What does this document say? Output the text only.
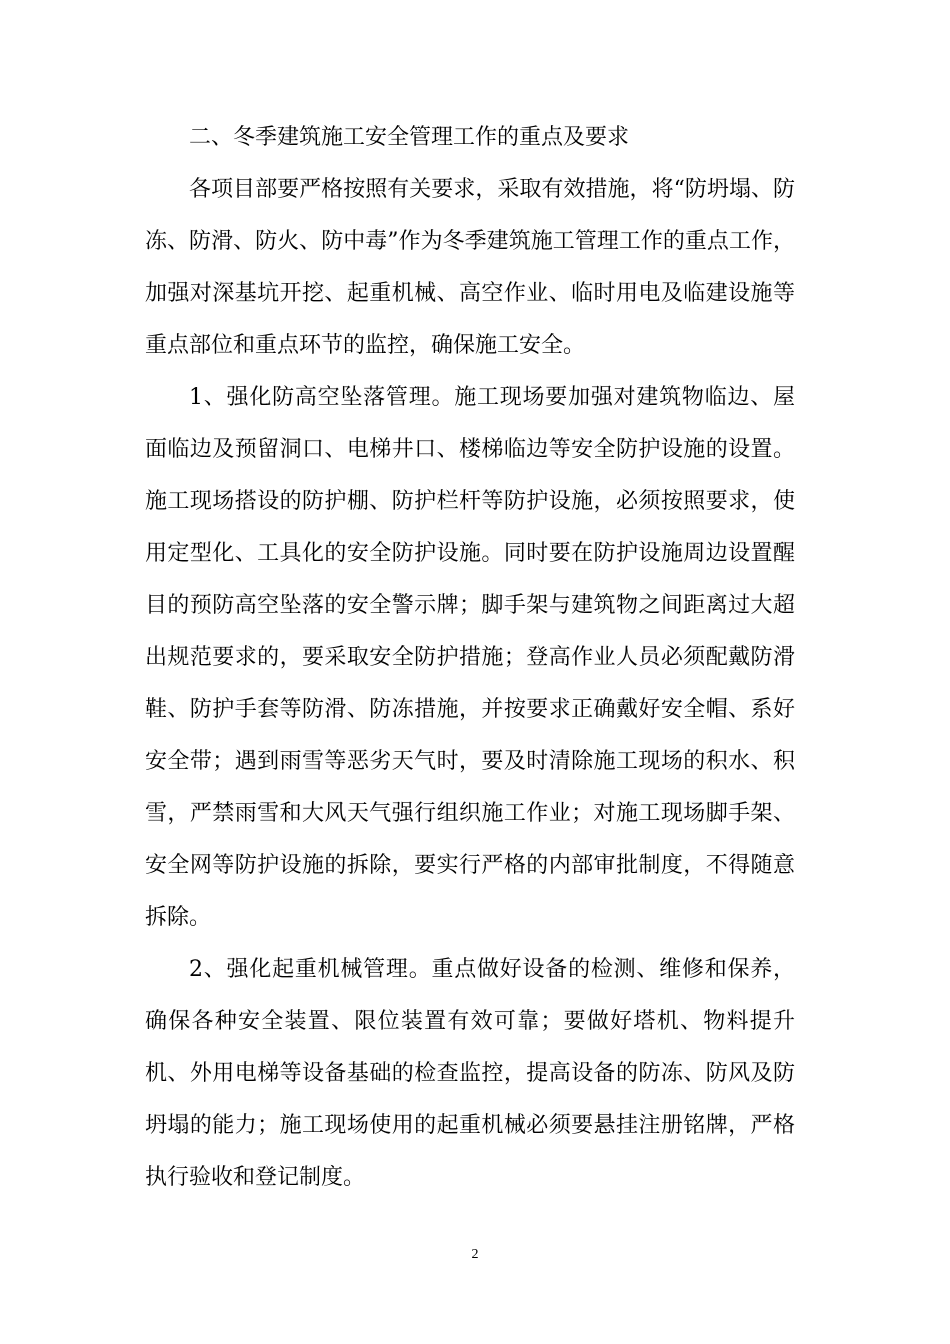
二、冬季建筑施工安全管理工作的重点及要求

各项目部要严格按照有关要求，采取有效措施，将“防坍塌、防冻、防滑、防火、防中毒”作为冬季建筑施工管理工作的重点工作，加强对深基坑开挖、起重机械、高空作业、临时用电及临建设施等重点部位和重点环节的监控，确保施工安全。

1、强化防高空坠落管理。施工现场要加强对建筑物临边、屋面临边及预留洞口、电梯井口、楼梯临边等安全防护设施的设置。施工现场搭设的防护棚、防护栏杆等防护设施，必须按照要求，使用定型化、工具化的安全防护设施。同时要在防护设施周边设置醒目的预防高空坠落的安全警示牌；脚手架与建筑物之间距离过大超出规范要求的，要采取安全防护措施；登高作业人员必须配戴防滑鞋、防护手套等防滑、防冻措施，并按要求正确戴好安全帽、系好安全带；遇到雨雪等恶劣天气时，要及时清除施工现场的积水、积雪，严禁雨雪和大风天气强行组织施工作业；对施工现场脚手架、安全网等防护设施的拆除，要实行严格的内部审批制度，不得随意拆除。

2、强化起重机械管理。重点做好设备的检测、维修和保养，确保各种安全装置、限位装置有效可靠；要做好塔机、物料提升机、外用电梯等设备基础的检查监控，提高设备的防冻、防风及防坍塌的能力；施工现场使用的起重机械必须要悬挂注册铭牌，严格执行验收和登记制度。

2
